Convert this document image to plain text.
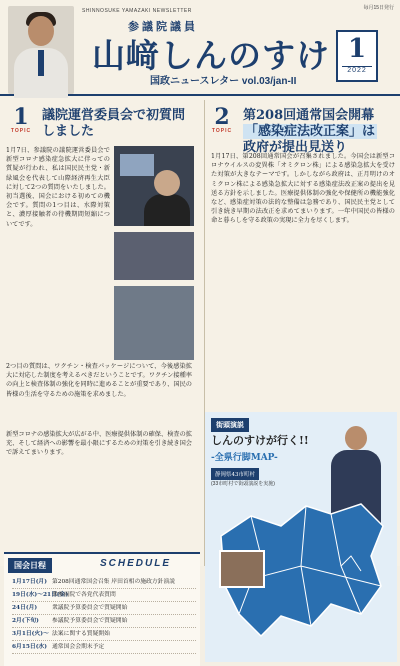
SHINNOSUKE YAMAZAKI NEWSLETTER
参議院議員
山﨑しんのすけ
国政ニュースレター vol.03/jan-II
1
2022
毎月15日発行
1
TOPIC
議院運営委員会で初質問しました
1月7日、参議院の議院運営委員会で新型コロナ感染症急拡大に伴っての質疑が行われ、私は国民民主党・新緑風会を代表して山際経済再生大臣に対して2つの質問をいたしました。初当選後、国会における初めての機会です。質問の1つ目は、水際対策と、濃厚接触者の待機期間短縮についてです。
2つ目の質問は、ワクチン・検査パッケージについて、今後感染拡大に対応した制度を考えるべきだということです。ワクチン接種率の向上と検査体制の強化を同時に進めることが重要であり、国民の皆様の生活を守るための施策を求めました。
新型コロナの感染拡大が広がる中、医療提供体制の確保、検査の拡充、そして経済への影響を最小限にするための対策を引き続き国会で訴えてまいります。
国会日程	SCHEDULE
1月17日(月) 第208回通常国会召集 岸田首相の施政方針演説
19日(水)〜21日(金)衆参両院で各党代表質問
24日(月)	衆議院予算委員会で質疑開始
2月(下旬) 参議院予算委員会で質疑開始
3月1日(火)〜 法案に関する質疑開始
6月15日(水) 通常国会会期末予定
2
TOPIC
第208回通常国会開幕
「感染症法改正案」は
政府が提出見送り
1月17日、第208回通常国会が召集されました。今国会は新型コロナウイルスの変異株「オミクロン株」による感染急拡大を受けた対策が大きなテーマです。しかしながら政府は、正月明けのオミクロン株による感染急拡大に対する感染症法改正案の提出を見送る方針を示しました。医療提供体制の強化や保健所の機能強化など、感染症対策の法的な整備は急務であり、国民民主党として引き続き早期の法改正を求めてまいります。一年中国民の皆様の命と暮らしを守る政策の実現に全力を尽くします。
街頭演説
しんのすけが行く!!
-全県行脚MAP-
静岡県43市町村
(33市町村で街頭演説を実施)
